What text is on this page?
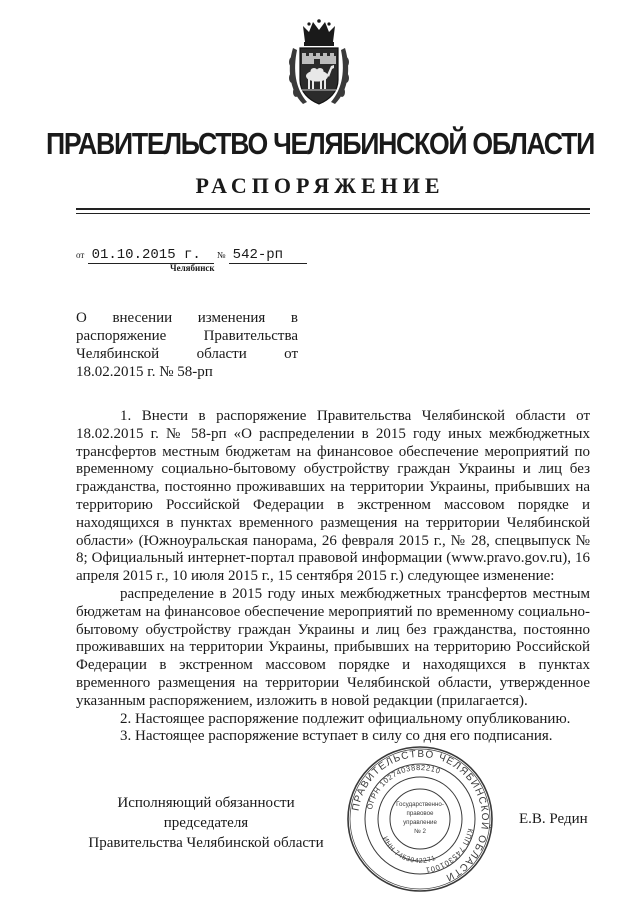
ПРАВИТЕЛЬСТВО ЧЕЛЯБИНСКОЙ ОБЛАСТИ
РАСПОРЯЖЕНИЕ
от 01.10.2015 г. № 542-рп
Челябинск
О внесении изменения в
распоряжение Правительства
Челябинской области от
18.02.2015 г. № 58-рп

1. Внести в распоряжение Правительства Челябинской области от 18.02.2015 г. № 58-рп «О распределении в 2015 году иных межбюджетных трансфертов местным бюджетам на финансовое обеспечение мероприятий по временному социально-бытовому обустройству граждан Украины и лиц без гражданства, постоянно проживавших на территории Украины, прибывших на территорию Российской Федерации в экстренном массовом порядке и находящихся в пунктах временного размещения на территории Челябинской области» (Южноуральская панорама, 26 февраля 2015 г., № 28, спецвыпуск № 8; Официальный интернет-портал правовой информации (www.pravo.gov.ru), 16 апреля 2015 г., 10 июля 2015 г., 15 сентября 2015 г.) следующее изменение:

распределение в 2015 году иных межбюджетных трансфертов местным бюджетам на финансовое обеспечение мероприятий по временному социально-бытовому обустройству граждан Украины и лиц без гражданства, постоянно проживавших на территории Украины, прибывших на территорию Российской Федерации в экстренном массовом порядке и находящихся в пунктах временного размещения на территории Челябинской области, утвержденное указанным распоряжением, изложить в новой редакции (прилагается).

2. Настоящее распоряжение подлежит официальному опубликованию.

3. Настоящее распоряжение вступает в силу со дня его подписания.

Исполняющий обязанности председателя
Правительства Челябинской области
ПРАВИТЕЛЬСТВО ЧЕЛЯБИНСКОЙ ОБЛАСТИ
ОГРН 1027403882210
КПП 745301001
ИНН 7453042271
Государственно-
правовое
управление
№ 2
Е.В. Редин
